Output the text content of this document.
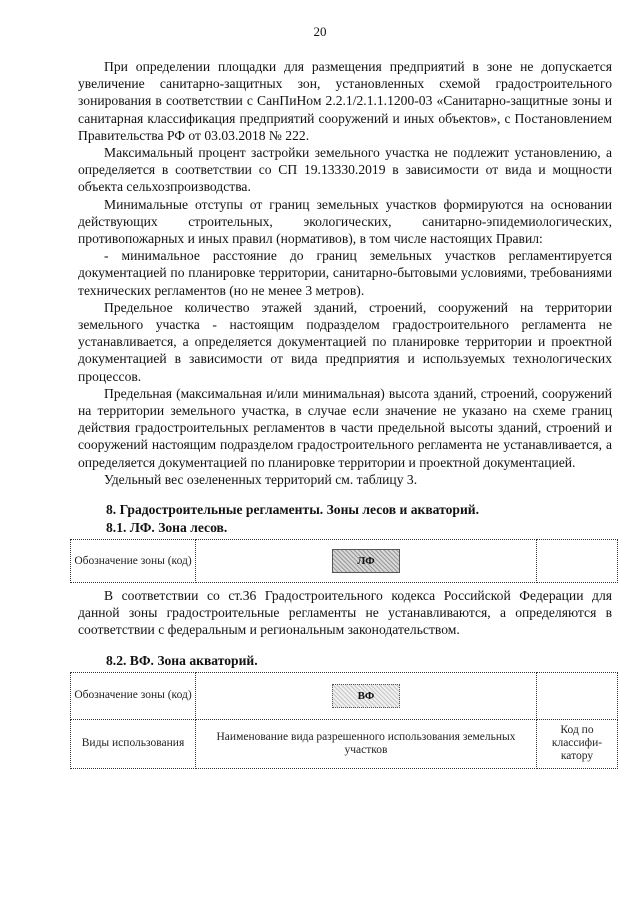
20

При определении площадки для размещения предприятий в зоне не допускается увеличение санитарно-защитных зон, установленных схемой градостроительного зонирования в соответствии с СанПиНом 2.2.1/2.1.1.1200-03 «Санитарно-защитные зоны и санитарная классификация предприятий сооружений и иных объектов», с Постановлением Правительства РФ от 03.03.2018 № 222.

Максимальный процент застройки земельного участка не подлежит установлению, а определяется в соответствии со СП 19.13330.2019 в зависимости от вида и мощности объекта сельхозпроизводства.

Минимальные отступы от границ земельных участков формируются на основании действующих строительных, экологических, санитарно-эпидемиологических, противопожарных и иных правил (нормативов), в том числе настоящих Правил:

- минимальное расстояние до границ земельных участков регламентируется документацией по планировке территории, санитарно-бытовыми условиями, требованиями технических регламентов (но не менее 3 метров).

Предельное количество этажей зданий, строений, сооружений на территории земельного участка - настоящим подразделом градостроительного регламента не устанавливается, а определяется документацией по планировке территории и проектной документацией в зависимости от вида предприятия и используемых технологических процессов.

Предельная (максимальная и/или минимальная) высота зданий, строений, сооружений на территории земельного участка, в случае если значение не указано на схеме границ действия градостроительных регламентов в части предельной высоты зданий, строений и сооружений настоящим подразделом градостроительного регламента не устанавливается, а определяется документацией по планировке территории и проектной документацией.

Удельный вес озелененных территорий см. таблицу 3.

8. Градостроительные регламенты. Зоны лесов и акваторий.
8.1. ЛФ. Зона лесов.
Обозначение зоны (код)	ЛФ	

В соответствии со ст.36 Градостроительного кодекса Российской Федерации для данной зоны градостроительные регламенты не устанавливаются, а определяются в соответствии с федеральным и региональным законодательством.

8.2. ВФ. Зона акваторий.
Обозначение зоны (код)	ВФ	
Виды использования	Наименование вида разрешенного использования земельных участков	Код по классифи-катору
